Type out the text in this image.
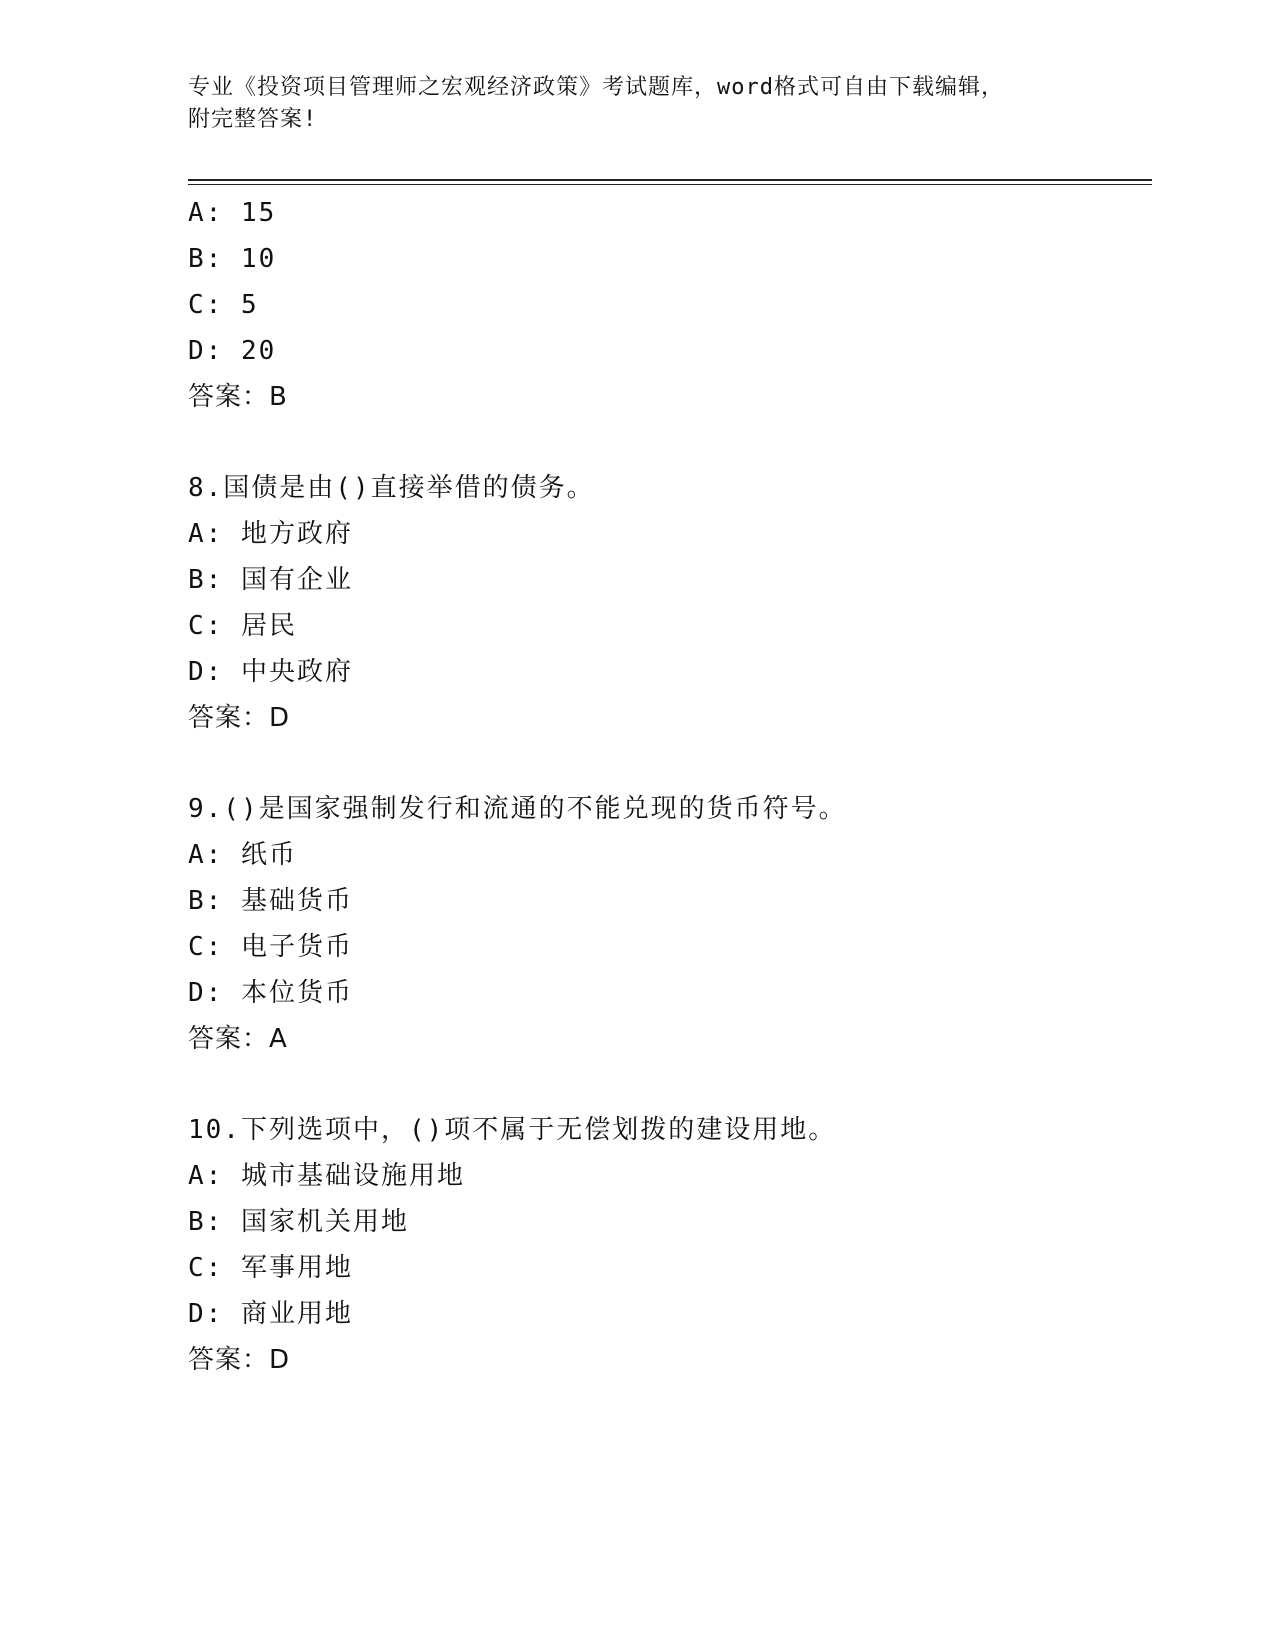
专业《投资项目管理师之宏观经济政策》考试题库，word格式可自由下载编辑，
附完整答案!
A: 15
B: 10
C: 5
D: 20
答案：B
8.国债是由()直接举借的债务。
A: 地方政府
B: 国有企业
C: 居民
D: 中央政府
答案：D
9.()是国家强制发行和流通的不能兑现的货币符号。
A: 纸币
B: 基础货币
C: 电子货币
D: 本位货币
答案：A
10.下列选项中，()项不属于无偿划拨的建设用地。
A: 城市基础设施用地
B: 国家机关用地
C: 军事用地
D: 商业用地
答案：D
